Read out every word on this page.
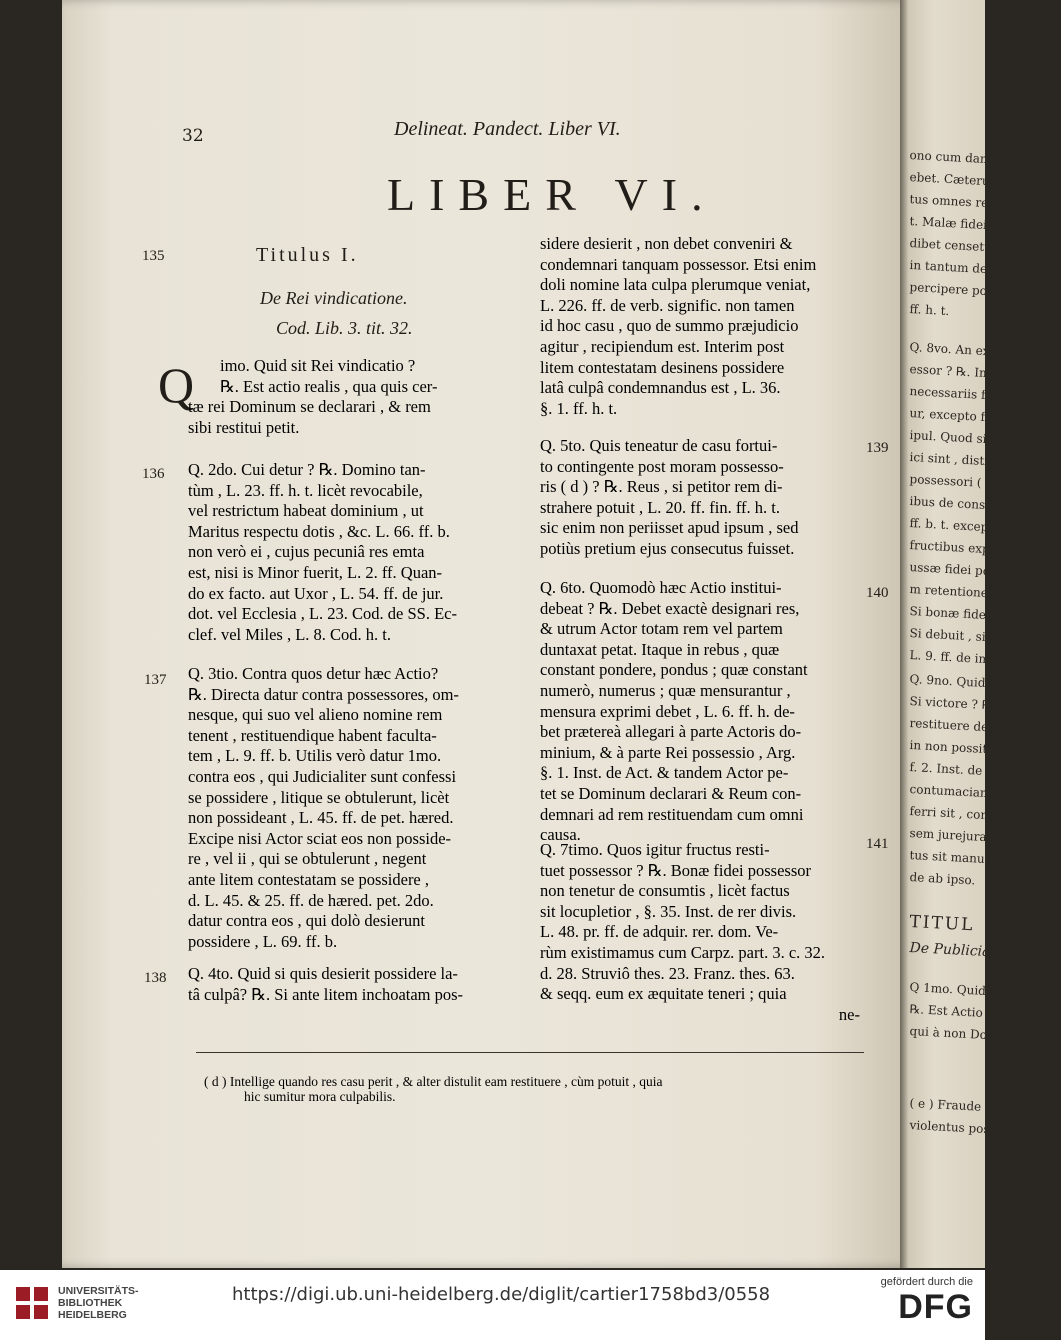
32	Delineat. Pandect. Liber VI.
LIBER VI.
Titulus I.
De Rei vindicatione.
Cod. Lib. 3. tit. 32.
135
136
137
138
139
140
141
Q imo. Quid sit Rei vindicatio ?
℞. Est actio realis , qua quis cer-
tæ rei Dominum se declarari , & rem
sibi restitui petit.
Q. 2do. Cui detur ? ℞. Domino tan-
tùm , L. 23. ff. h. t. licèt revocabile,
vel restrictum habeat dominium , ut
Maritus respectu dotis , &c. L. 66. ff. b.
non verò ei , cujus pecuniâ res emta
est, nisi is Minor fuerit, L. 2. ff. Quan-
do ex facto. aut Uxor , L. 54. ff. de jur.
dot. vel Ecclesia , L. 23. Cod. de SS. Ec-
clef. vel Miles , L. 8. Cod. h. t.
Q. 3tio. Contra quos detur hæc Actio?
℞. Directa datur contra possessores, om-
nesque, qui suo vel alieno nomine rem
tenent , restituendique habent faculta-
tem , L. 9. ff. b. Utilis verò datur 1mo.
contra eos , qui Judicialiter sunt confessi
se possidere , litique se obtulerunt, licèt
non possideant , L. 45. ff. de pet. hæred.
Excipe nisi Actor sciat eos non posside-
re , vel ii , qui se obtulerunt , negent
ante litem contestatam se possidere ,
d. L. 45. & 25. ff. de hæred. pet. 2do.
datur contra eos , qui dolò desierunt
possidere , L. 69. ff. b.
Q. 4to. Quid si quis desierit possidere la-
tâ culpâ? ℞. Si ante litem inchoatam pos-
sidere desierit , non debet conveniri &
condemnari tanquam possessor. Etsi enim
doli nomine lata culpa plerumque veniat,
L. 226. ff. de verb. signific. non tamen
id hoc casu , quo de summo præjudicio
agitur , recipiendum est. Interim post
litem contestatam desinens possidere
latâ culpâ condemnandus est , L. 36.
§. 1. ff. h. t.
Q. 5to. Quis teneatur de casu fortui-
to contingente post moram possesso-
ris ( d ) ? ℞. Reus , si petitor rem di-
strahere potuit , L. 20. ff. fin. ff. h. t.
sic enim non periisset apud ipsum , sed
potiùs pretium ejus consecutus fuisset.
Q. 6to. Quomodò hæc Actio institui-
debeat ? ℞. Debet exactè designari res,
& utrum Actor totam rem vel partem
duntaxat petat. Itaque in rebus , quæ
constant pondere, pondus ; quæ constant
numerò, numerus ; quæ mensurantur ,
mensura exprimi debet , L. 6. ff. h. de-
bet prætereà allegari à parte Actoris do-
minium, & à parte Rei possessio , Arg.
§. 1. Inst. de Act. & tandem Actor pe-
tet se Dominum declarari & Reum con-
demnari ad rem restituendam cum omni
causa.
Q. 7timo. Quos igitur fructus resti-
tuet possessor ? ℞. Bonæ fidei possessor
non tenetur de consumtis , licèt factus
sit locupletior , §. 35. Inst. de rer divis.
L. 48. pr. ff. de adquir. rer. dom. Ve-
rùm existimamus cum Carpz. part. 3. c. 32.
d. 28. Struviô thes. 23. Franz. thes. 63.
& seqq. eum ex æquitate teneri ; quia
ne-
( d ) Intellige quando res casu perit , & alter distulit eam restituere , cùm potuit , quia
hic sumitur mora culpabilis.
ono cum damn
ebet. Cæterum
tus omnes restitui
t. Malæ fidei p
dibet censetur p
in tantum de per
percipere pot
ff. h. t.
Q. 8vo. An exp
essor ? ℞. Indi
necessariis ferendis ,
ur, excepto fure,
ipul. Quod si in
ici sint , distingui
possessori ( e ) , i
ibus de constituto
ff. b. t. excepto
fructibus expos. U
ussæ fidei possessori
m retentionem. D
Si bonæ fidei , quàm
Si debuit , si separari
L. 9. ff. de imp
Q. 9no. Quid
Si victore ? ℞.
restituere debet;
in non possit , Jud
f. 2. Inst. de
contumaciam no
ferri sit , condemn
sem jurejurando i
tus sit manu milit
de ab ipso.
TITUL
De Publiciana in
Q 1mo. Quid sit
℞. Est Actio Pr
qui à non Domin
( e ) Fraude est , qui inju
violentus possessor.
UNIVERSITÄTS-
BIBLIOTHEK
HEIDELBERG
https://digi.ub.uni-heidelberg.de/diglit/cartier1758bd3/0558
gefördert durch die
DFG
